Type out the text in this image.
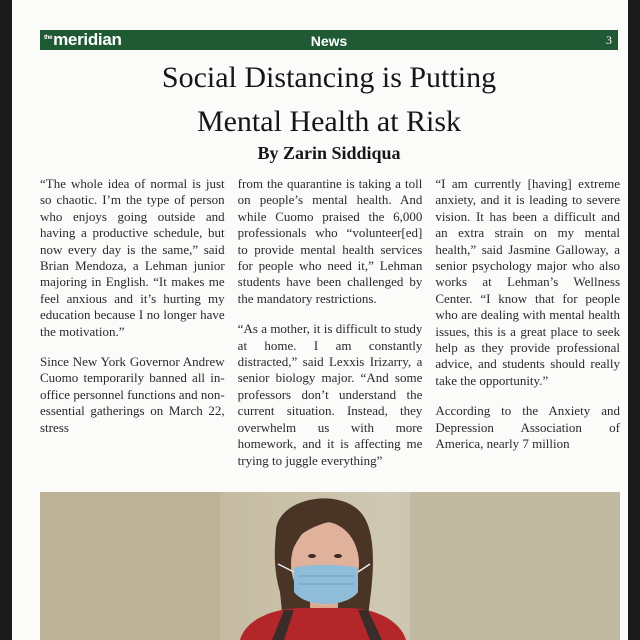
$^{the}$meridian	News	3
Social Distancing is Putting
Mental Health at Risk
By Zarin Siddiqua

“The whole idea of normal is just so chaotic. I’m the type of person who enjoys going outside and having a productive schedule, but now every day is the same,” said Brian Mendoza, a Lehman junior majoring in English. “It makes me feel anxious and it’s hurting my education because I no longer have the motivation.”

Since New York Governor Andrew Cuomo temporarily banned all in-office personnel functions and non-essential gatherings on March 22, stress

from the quarantine is taking a toll on people’s mental health. And while Cuomo praised the 6,000 professionals who “volunteer[ed] to provide mental health services for people who need it,” Lehman students have been challenged by the mandatory restrictions.

“As a mother, it is difficult to study at home. I am constantly distracted,” said Lexxis Irizarry, a senior biology major. “And some professors don’t understand the current situation. Instead, they overwhelm us with more homework, and it is affecting me trying to juggle everything”

“I am currently [having] extreme anxiety, and it is leading to severe vision. It has been a difficult and an extra strain on my mental health,” said Jasmine Galloway, a senior psychology major who also works at Lehman’s Wellness Center. “I know that for people who are dealing with mental health issues, this is a great place to seek help as they provide professional advice, and students should really take the opportunity.”

According to the Anxiety and Depression Association of America, nearly 7 million
